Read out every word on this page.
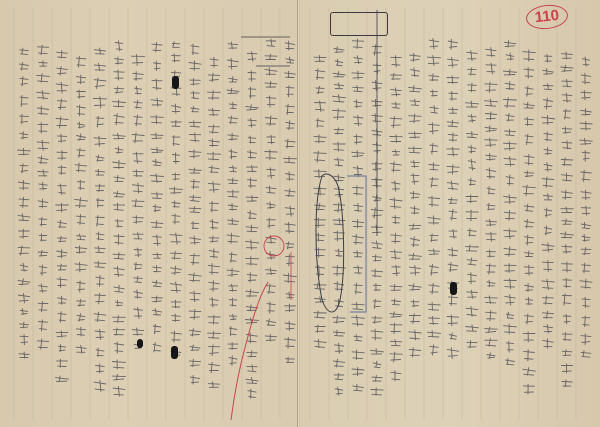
110
